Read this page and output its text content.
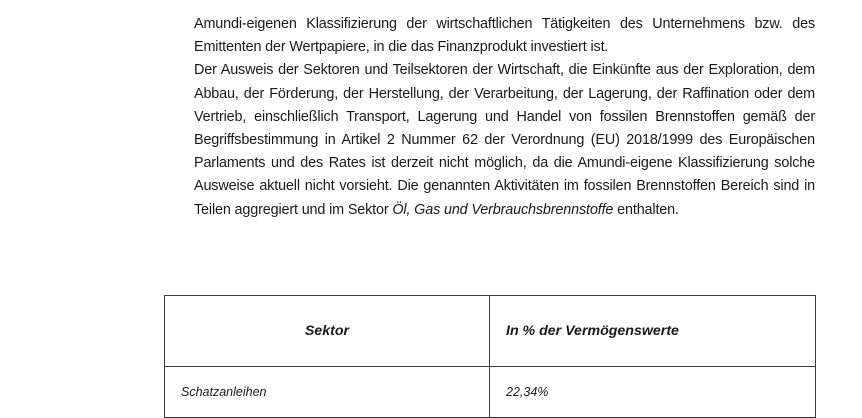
Amundi-eigenen Klassifizierung der wirtschaftlichen Tätigkeiten des Unternehmens bzw. des Emittenten der Wertpapiere, in die das Finanzprodukt investiert ist.

Der Ausweis der Sektoren und Teilsektoren der Wirtschaft, die Einkünfte aus der Exploration, dem Abbau, der Förderung, der Herstellung, der Verarbeitung, der Lagerung, der Raffination oder dem Vertrieb, einschließlich Transport, Lagerung und Handel von fossilen Brennstoffen gemäß der Begriffsbestimmung in Artikel 2 Nummer 62 der Verordnung (EU) 2018/1999 des Europäischen Parlaments und des Rates ist derzeit nicht möglich, da die Amundi-eigene Klassifizierung solche Ausweise aktuell nicht vorsieht. Die genannten Aktivitäten im fossilen Brennstoffen Bereich sind in Teilen aggregiert und im Sektor Öl, Gas und Verbrauchsbrennstoffe enthalten.

Sektor	In % der Vermögenswerte
Schatzanleihen	22,34%
